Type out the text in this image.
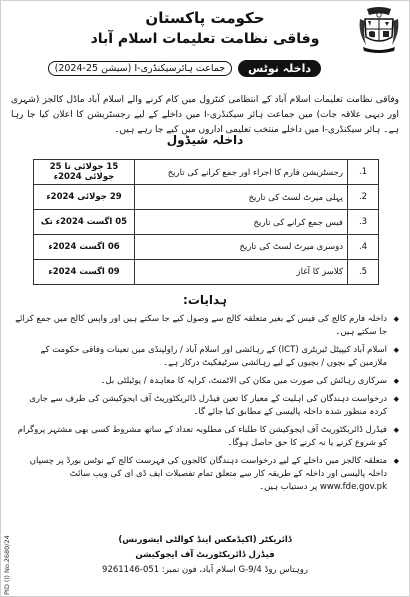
حکومت پاکستان
وفاقی نظامت تعلیمات اسلام آباد
داخلہ نوٹس
جماعت ہائرسیکنڈری-I (سیشن 25-2024)
وفاقی نظامت تعلیمات اسلام آباد کے انتظامی کنٹرول میں کام کرنے والے اسلام آباد ماڈل کالجز (شہری اور دیہی علاقہ جات) میں جماعت ہائر سیکنڈری-I میں داخلے کے لیے رجسٹریشن کا اعلان کیا جا رہا ہے۔ ہائر سیکنڈری-I میں داخلے منتخب تعلیمی اداروں میں کیے جا رہے ہیں۔
داخلہ شیڈول
1.	رجسٹریشن فارم کا اجراء اور جمع کرانے کی تاریخ	15 جولائی تا 25 جولائی 2024ء
2.	پہلی میرٹ لسٹ کی تاریخ	29 جولائی 2024ء
3.	فیس جمع کرانے کی تاریخ	05 اگست 2024ء تک
4.	دوسری میرٹ لسٹ کی تاریخ	06 اگست 2024ء
5.	کلاسز کا آغاز	09 اگست 2024ء
ہدایات:
◆ داخلہ فارم کالج کی فیس کے بغیر متعلقہ کالج سے وصول کیے جا سکتے ہیں اور واپس کالج میں جمع کرائے جا سکتے ہیں۔
◆ اسلام آباد کیپیٹل ٹیریٹری (ICT) کے رہائشی اور اسلام آباد / راولپنڈی میں تعینات وفاقی حکومت کے ملازمین کے بچوں / بچیوں کے لیے رہائشی سرٹیفکیٹ درکار ہے۔
◆ سرکاری رہائش کی صورت میں مکان کی الاٹمنٹ، کرایہ کا معاہدہ / یوٹیلٹی بل۔
◆ درخواست دہندگان کی اہلیت کے معیار کا تعین فیڈرل ڈائریکٹوریٹ آف ایجوکیشن کی طرف سے جاری کردہ منظور شدہ داخلہ پالیسی کے مطابق کیا جائے گا۔
◆ فیڈرل ڈائریکٹوریٹ آف ایجوکیشن کا طلباء کی مطلوبہ تعداد کے ساتھ مشروط کسی بھی مشتہر پروگرام کو شروع کرنے یا نہ کرنے کا حق حاصل ہوگا۔
◆ متعلقہ کالجز میں داخلے کے لیے درخواست دہندگان کالجوں کی فہرست کالج کے نوٹس بورڈ پر چسپاں داخلہ پالیسی اور داخلہ کے طریقہ کار سے متعلق تمام تفصیلات ایف ڈی ای کی ویب سائٹ www.fde.gov.pk پر دستیاب ہیں۔
ڈائریکٹر (اکیڈمکس اینڈ کوالٹی ایشورنس)
فیڈرل ڈائریکٹوریٹ آف ایجوکیشن
روہتاس روڈ G-9/4 اسلام آباد، فون نمبر: 051-9261146
PID (I) No.2680/24
